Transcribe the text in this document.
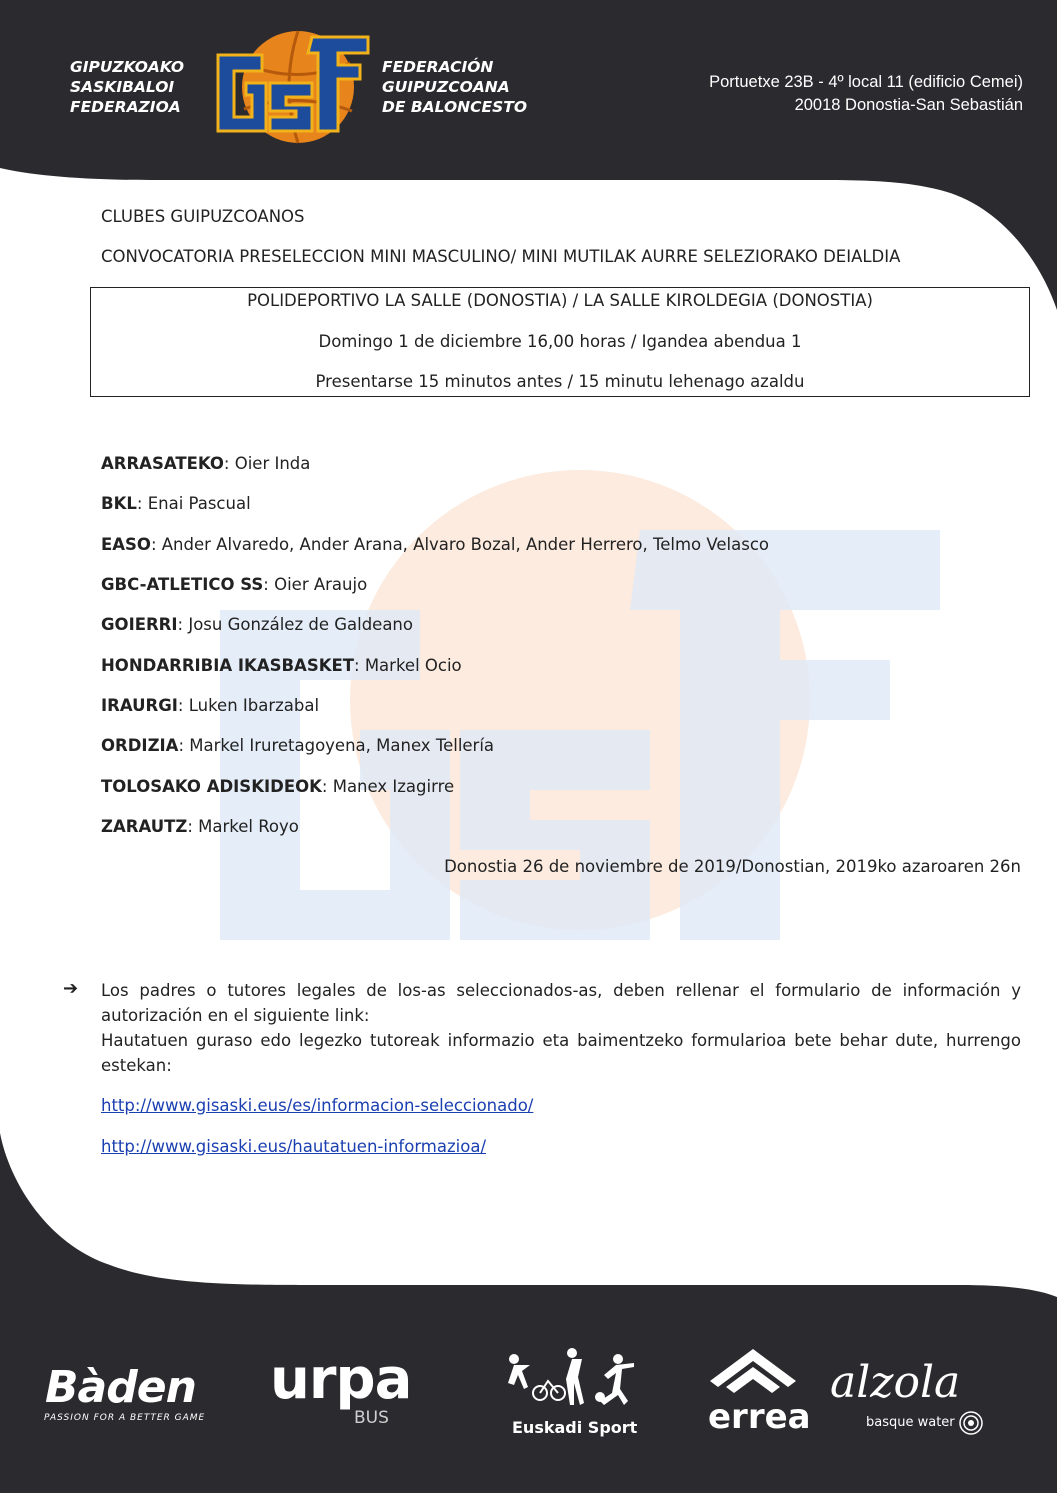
GIPUZKOAKO
SASKIBALOI
FEDERAZIOA
FEDERACIÓN
GUIPUZCOANA
DE BALONCESTO
Portuetxe 23B - 4º local 11 (edificio Cemei)
20018 Donostia-San Sebastián
CLUBES GUIPUZCOANOS
CONVOCATORIA PRESELECCION MINI MASCULINO/ MINI MUTILAK AURRE SELEZIORAKO DEIALDIA
POLIDEPORTIVO LA SALLE (DONOSTIA) / LA SALLE KIROLDEGIA (DONOSTIA)
Domingo 1 de diciembre 16,00 horas / Igandea abendua 1
Presentarse 15 minutos antes / 15 minutu lehenago azaldu
ARRASATEKO: Oier Inda
BKL: Enai Pascual
EASO: Ander Alvaredo, Ander Arana, Alvaro Bozal, Ander Herrero, Telmo Velasco
GBC-ATLETICO SS: Oier Araujo
GOIERRI: Josu González de Galdeano
HONDARRIBIA IKASBASKET: Markel Ocio
IRAURGI: Luken Ibarzabal
ORDIZIA: Markel Iruretagoyena, Manex Tellería
TOLOSAKO ADISKIDEOK: Manex Izagirre
ZARAUTZ: Markel Royo
Donostia 26 de noviembre de 2019/Donostian, 2019ko azaroaren 26n
➔ Los padres o tutores legales de los-as seleccionados-as, deben rellenar el formulario de información y autorización en el siguiente link:
Hautatuen guraso edo legezko tutoreak informazio eta baimentzeko formularioa bete behar dute, hurrengo estekan:
http://www.gisaski.eus/es/informacion-seleccionado/
http://www.gisaski.eus/hautatuen-informazioa/
Bàden
PASSION FOR A BETTER GAME
urpa
BUS	Euskadi Sport errea
alzola
basque water
